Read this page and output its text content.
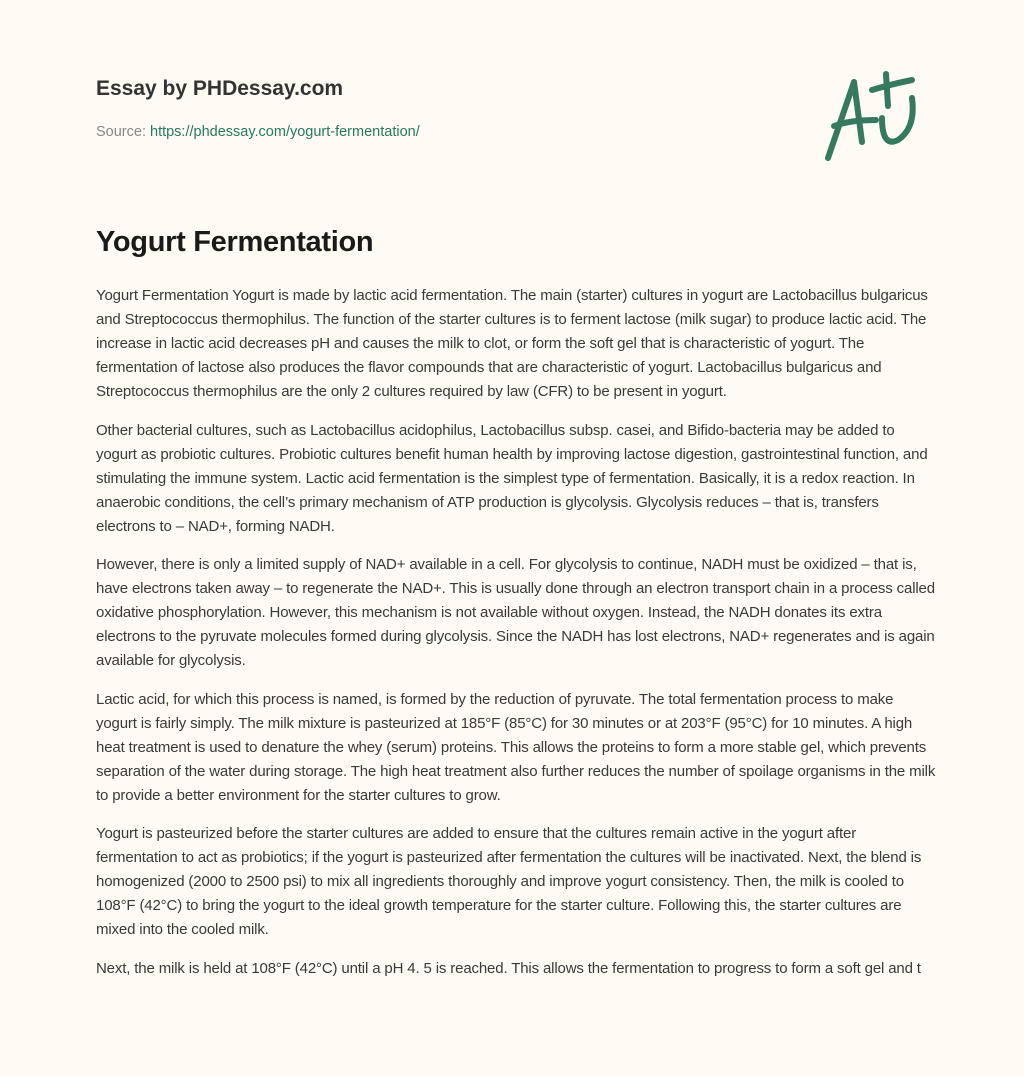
Essay by PHDessay.com
Source: https://phdessay.com/yogurt-fermentation/
Yogurt Fermentation

Yogurt Fermentation Yogurt is made by lactic acid fermentation. The main (starter) cultures in yogurt are Lactobacillus bulgaricus and Streptococcus thermophilus. The function of the starter cultures is to ferment lactose (milk sugar) to produce lactic acid. The increase in lactic acid decreases pH and causes the milk to clot, or form the soft gel that is characteristic of yogurt. The fermentation of lactose also produces the flavor compounds that are characteristic of yogurt. Lactobacillus bulgaricus and Streptococcus thermophilus are the only 2 cultures required by law (CFR) to be present in yogurt.

Other bacterial cultures, such as Lactobacillus acidophilus, Lactobacillus subsp. casei, and Bifido-bacteria may be added to yogurt as probiotic cultures. Probiotic cultures benefit human health by improving lactose digestion, gastrointestinal function, and stimulating the immune system. Lactic acid fermentation is the simplest type of fermentation. Basically, it is a redox reaction. In anaerobic conditions, the cell’s primary mechanism of ATP production is glycolysis. Glycolysis reduces – that is, transfers electrons to – NAD+, forming NADH.

However, there is only a limited supply of NAD+ available in a cell. For glycolysis to continue, NADH must be oxidized – that is, have electrons taken away – to regenerate the NAD+. This is usually done through an electron transport chain in a process called oxidative phosphorylation. However, this mechanism is not available without oxygen. Instead, the NADH donates its extra electrons to the pyruvate molecules formed during glycolysis. Since the NADH has lost electrons, NAD+ regenerates and is again available for glycolysis.

Lactic acid, for which this process is named, is formed by the reduction of pyruvate. The total fermentation process to make yogurt is fairly simply. The milk mixture is pasteurized at 185°F (85°C) for 30 minutes or at 203°F (95°C) for 10 minutes. A high heat treatment is used to denature the whey (serum) proteins. This allows the proteins to form a more stable gel, which prevents separation of the water during storage. The high heat treatment also further reduces the number of spoilage organisms in the milk to provide a better environment for the starter cultures to grow.

Yogurt is pasteurized before the starter cultures are added to ensure that the cultures remain active in the yogurt after fermentation to act as probiotics; if the yogurt is pasteurized after fermentation the cultures will be inactivated. Next, the blend is homogenized (2000 to 2500 psi) to mix all ingredients thoroughly and improve yogurt consistency. Then, the milk is cooled to 108°F (42°C) to bring the yogurt to the ideal growth temperature for the starter culture. Following this, the starter cultures are mixed into the cooled milk.

Next, the milk is held at 108°F (42°C) until a pH 4. 5 is reached. This allows the fermentation to progress to form a soft gel and t
